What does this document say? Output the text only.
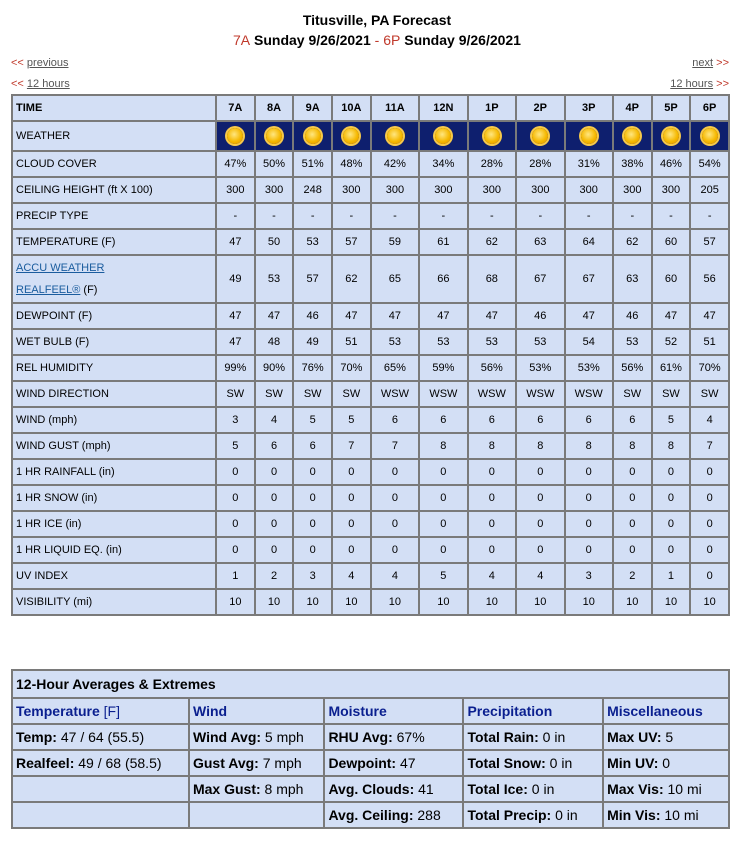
Titusville, PA Forecast
7A Sunday 9/26/2021 - 6P Sunday 9/26/2021
<< previous	next >>
<< 12 hours	12 hours >>
TIME	7A	8A	9A	10A	11A	12N	1P	2P	3P	4P	5P	6P
WEATHER												
CLOUD COVER	47%	50%	51%	48%	42%	34%	28%	28%	31%	38%	46%	54%
CEILING HEIGHT (ft X 100)	300	300	248	300	300	300	300	300	300	300	300	205
PRECIP TYPE	-	-	-	-	-	-	-	-	-	-	-	-
TEMPERATURE (F)	47	50	53	57	59	61	62	63	64	62	60	57
ACCU WEATHER
REALFEEL® (F)	49	53	57	62	65	66	68	67	67	63	60	56
DEWPOINT (F)	47	47	46	47	47	47	47	46	47	46	47	47
WET BULB (F)	47	48	49	51	53	53	53	53	54	53	52	51
REL HUMIDITY	99%	90%	76%	70%	65%	59%	56%	53%	53%	56%	61%	70%
WIND DIRECTION	SW	SW	SW	SW	WSW	WSW	WSW	WSW	WSW	SW	SW	SW
WIND (mph)	3	4	5	5	6	6	6	6	6	6	5	4
WIND GUST (mph)	5	6	6	7	7	8	8	8	8	8	8	7
1 HR RAINFALL (in)	0	0	0	0	0	0	0	0	0	0	0	0
1 HR SNOW (in)	0	0	0	0	0	0	0	0	0	0	0	0
1 HR ICE (in)	0	0	0	0	0	0	0	0	0	0	0	0
1 HR LIQUID EQ. (in)	0	0	0	0	0	0	0	0	0	0	0	0
UV INDEX	1	2	3	4	4	5	4	4	3	2	1	0
VISIBILITY (mi)	10	10	10	10	10	10	10	10	10	10	10	10
12-Hour Averages & Extremes				
Temperature [F]	Wind	Moisture	Precipitation	Miscellaneous
Temp: 47 / 64 (55.5)	Wind Avg: 5 mph	RHU Avg: 67%	Total Rain: 0 in	Max UV: 5
Realfeel: 49 / 68 (58.5)	Gust Avg: 7 mph	Dewpoint: 47	Total Snow: 0 in	Min UV: 0
	Max Gust: 8 mph	Avg. Clouds: 41	Total Ice: 0 in	Max Vis: 10 mi
		Avg. Ceiling: 288	Total Precip: 0 in	Min Vis: 10 mi
